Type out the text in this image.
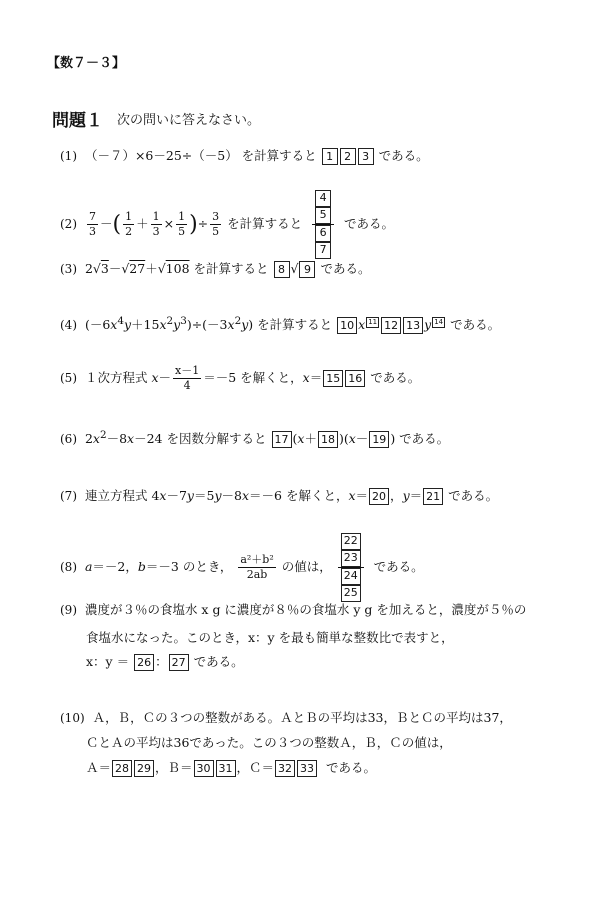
【数７－３】
問題１ 次の問いに答えなさい。
(1) （－７）×6－25÷（－5） を計算すると 1 2 3 である。
$(2) \frac{7}{3}$ －( $\frac{1}{2} + \frac{1}{3} \times \frac{1}{5}$ )÷ $\frac{3}{5}$ を計算すると 4
5
6
7 である。
(3) 2√3－√27＋√108 を計算すると 8 √ 9 である。
(4) $(-6x^4y+15x^2y^3)\div(-3x^2y)$ を計算すると 10 x 11 12 13 y 14 である。
(5) １次方程式 $x- \frac{x-1}{4} =-5$ を解くと，x＝ 15 16 である。
(6) $2x^2-8x-24$ を因数分解すると 17 (x＋ 18 )(x－ 19 ) である。
(7) 連立方程式 4x－7y＝5y－8x＝－6 を解くと，x＝ 20 ，y＝ 21 である。
(8) a＝－2，b＝－3 のとき， $\frac{\text{a²＋b²}}{2ab}$ の値は， 22
23
24
25 である。
(9) 濃度が３％の食塩水 x g に濃度が８％の食塩水 y g を加えると，濃度が５％の
食塩水になった。このとき，x：y を最も簡単な整数比で表すと，
x：y ＝ 26 ： 27 である。
(10) Ａ，Ｂ，Ｃの３つの整数がある。ＡとＢの平均は33，ＢとＣの平均は37，
ＣとＡの平均は36であった。この３つの整数Ａ，Ｂ，Ｃの値は，
Ａ＝ 28 29 ，Ｂ＝ 30 31 ，Ｃ＝ 32 33 である。
